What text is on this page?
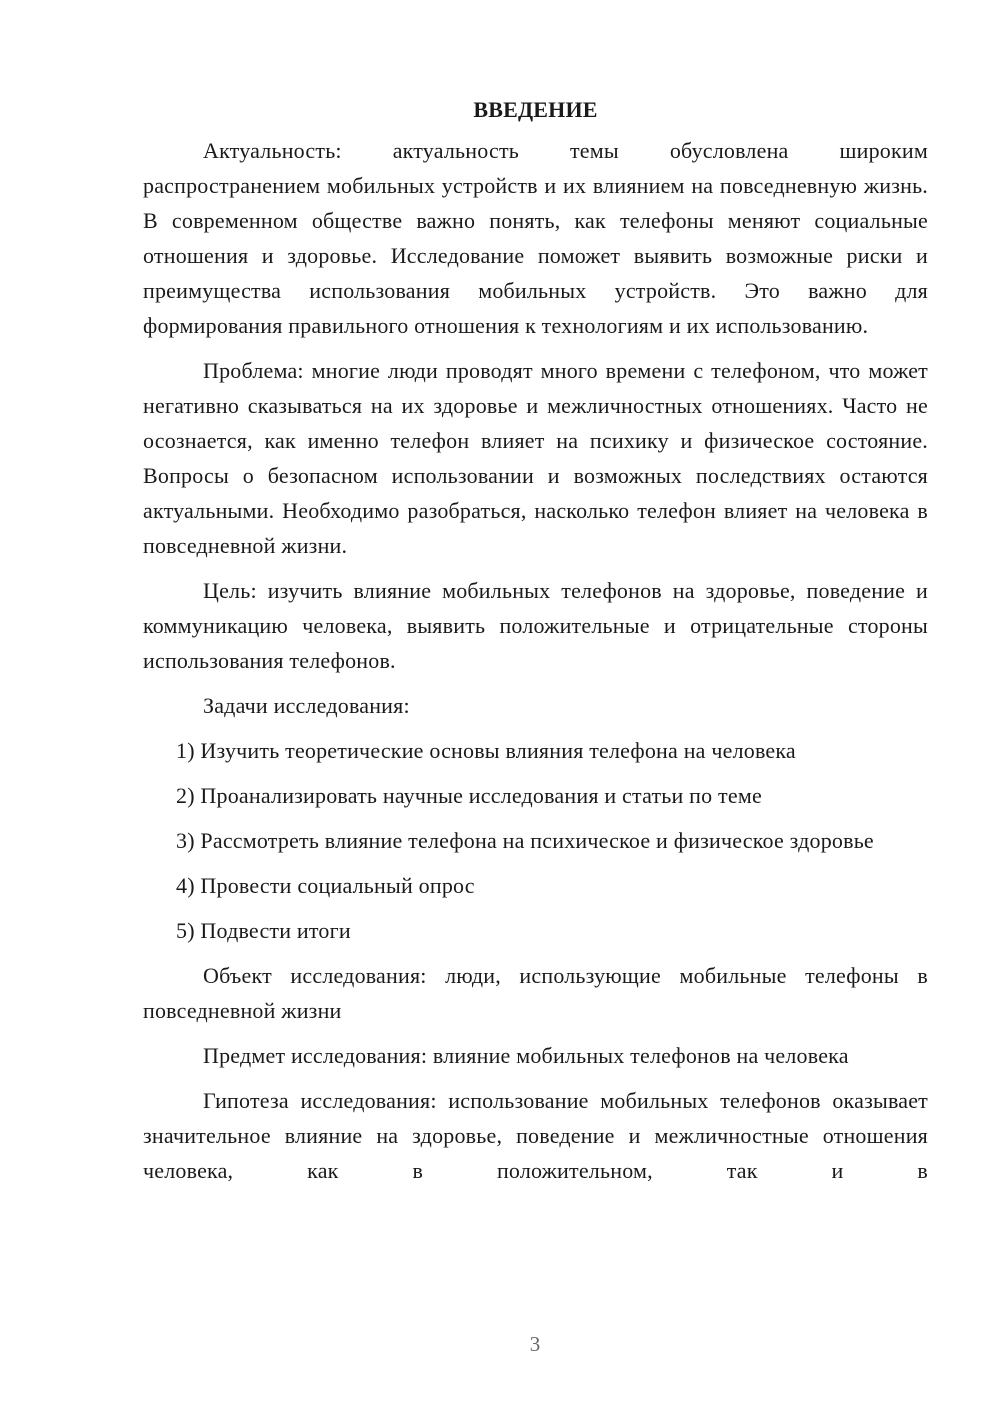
ВВЕДЕНИЕ

Актуальность: актуальность темы обусловлена широким распространением мобильных устройств и их влиянием на повседневную жизнь. В современном обществе важно понять, как телефоны меняют социальные отношения и здоровье. Исследование поможет выявить возможные риски и преимущества использования мобильных устройств. Это важно для формирования правильного отношения к технологиям и их использованию.

Проблема: многие люди проводят много времени с телефоном, что может негативно сказываться на их здоровье и межличностных отношениях. Часто не осознается, как именно телефон влияет на психику и физическое состояние. Вопросы о безопасном использовании и возможных последствиях остаются актуальными. Необходимо разобраться, насколько телефон влияет на человека в повседневной жизни.

Цель: изучить влияние мобильных телефонов на здоровье, поведение и коммуникацию человека, выявить положительные и отрицательные стороны использования телефонов.

Задачи исследования:

1) Изучить теоретические основы влияния телефона на человека

2) Проанализировать научные исследования и статьи по теме

3) Рассмотреть влияние телефона на психическое и физическое здоровье

4) Провести социальный опрос

5) Подвести итоги

Объект исследования: люди, использующие мобильные телефоны в повседневной жизни

Предмет исследования: влияние мобильных телефонов на человека

Гипотеза исследования: использование мобильных телефонов оказывает значительное влияние на здоровье, поведение и межличностные отношения человека, как в положительном, так и в

3
